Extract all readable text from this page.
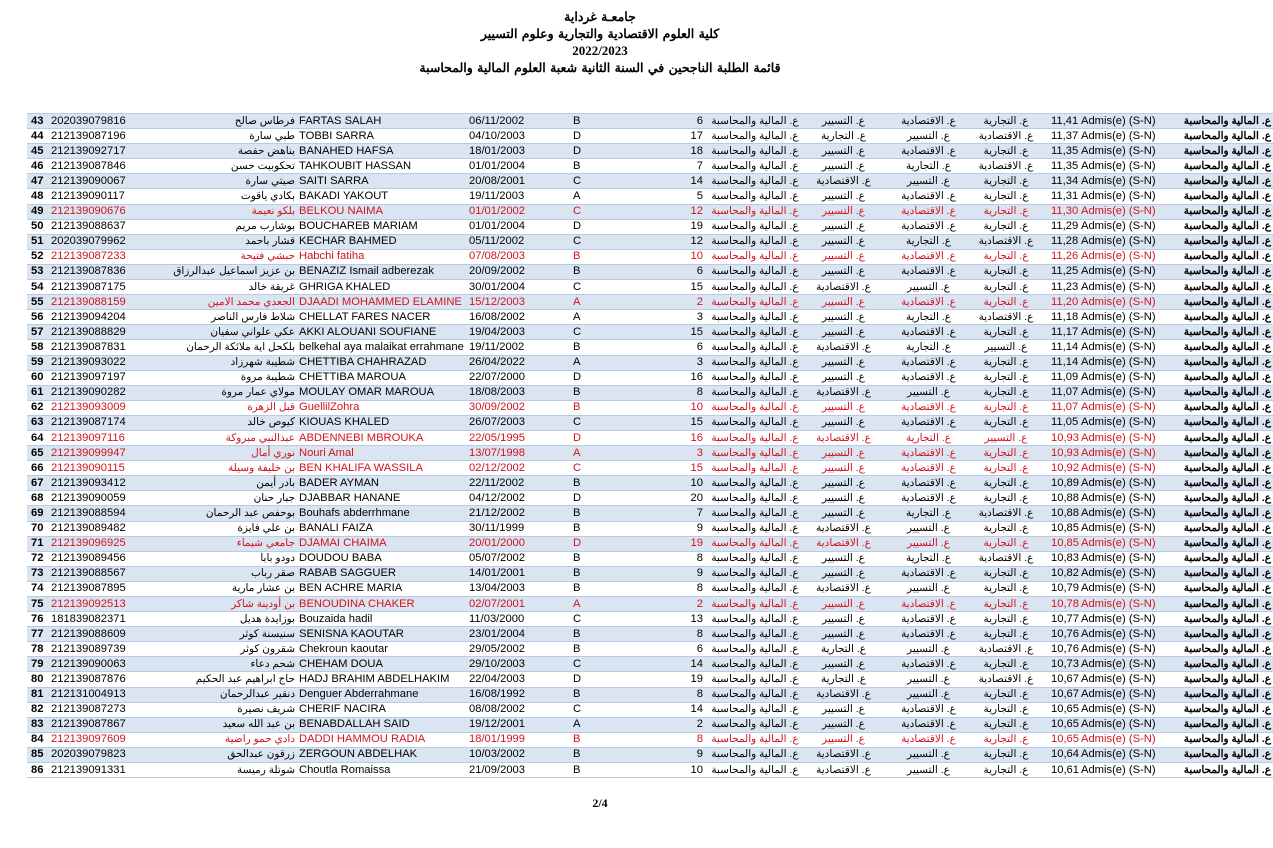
جامعـة غرداية
كلية العلوم الاقتصادية والتجارية وعلوم التسيير
2022/2023
قائمة الطلبة الناجحين في السنة الثانية شعبة العلوم المالية والمحاسبة
43	202039079816	فرطاس صالح	FARTAS SALAH	06/11/2002	B	6	ع. المالية والمحاسبة	ع. التسيير	ع. الاقتصادية	ع. التجارية		11,41	Admis(e) (S-N)	ع. المالية والمحاسبة
44	212139087196	طبي سارة	TOBBI SARRA	04/10/2003	D	17	ع. المالية والمحاسبة	ع. التجارية	ع. التسيير	ع. الاقتصادية		11,37	Admis(e) (S-N)	ع. المالية والمحاسبة
45	212139092717	بناهض حفصة	BANAHED HAFSA	18/01/2003	D	18	ع. المالية والمحاسبة	ع. التسيير	ع. الاقتصادية	ع. التجارية		11,35	Admis(e) (S-N)	ع. المالية والمحاسبة
46	212139087846	تحكوبيت حسن	TAHKOUBIT HASSAN	01/01/2004	B	7	ع. المالية والمحاسبة	ع. التسيير	ع. التجارية	ع. الاقتصادية		11,35	Admis(e) (S-N)	ع. المالية والمحاسبة
47	212139090067	صيتي سارة	SAITI SARRA	20/08/2001	C	14	ع. المالية والمحاسبة	ع. الاقتصادية	ع. التسيير	ع. التجارية		11,34	Admis(e) (S-N)	ع. المالية والمحاسبة
48	212139090117	بكادي ياقوت	BAKADI YAKOUT	19/11/2003	A	5	ع. المالية والمحاسبة	ع. التسيير	ع. الاقتصادية	ع. التجارية		11,31	Admis(e) (S-N)	ع. المالية والمحاسبة
49	212139090676	بلكو نعيمة	BELKOU NAIMA	01/01/2002	C	12	ع. المالية والمحاسبة	ع. التسيير	ع. الاقتصادية	ع. التجارية		11,30	Admis(e) (S-N)	ع. المالية والمحاسبة
50	212139088637	بوشارب مريم	BOUCHAREB MARIAM	01/01/2004	D	19	ع. المالية والمحاسبة	ع. التسيير	ع. الاقتصادية	ع. التجارية		11,29	Admis(e) (S-N)	ع. المالية والمحاسبة
51	202039079962	قشار باحمد	KECHAR BAHMED	05/11/2002	C	12	ع. المالية والمحاسبة	ع. التسيير	ع. التجارية	ع. الاقتصادية		11,28	Admis(e) (S-N)	ع. المالية والمحاسبة
52	212139087233	حبشي فتيحة	Habchi fatiha	07/08/2003	B	10	ع. المالية والمحاسبة	ع. التسيير	ع. الاقتصادية	ع. التجارية		11,26	Admis(e) (S-N)	ع. المالية والمحاسبة
53	212139087836	بن عزيز اسماعيل عبدالرزاق	BENAZIZ Ismail adberezak	20/09/2002	B	6	ع. المالية والمحاسبة	ع. التسيير	ع. الاقتصادية	ع. التجارية		11,25	Admis(e) (S-N)	ع. المالية والمحاسبة
54	212139087175	غريقة خالد	GHRIGA KHALED	30/01/2004	C	15	ع. المالية والمحاسبة	ع. الاقتصادية	ع. التسيير	ع. التجارية		11,23	Admis(e) (S-N)	ع. المالية والمحاسبة
55	212139088159	الجعدي محمد الامين	DJAADI MOHAMMED ELAMINE	15/12/2003	A	2	ع. المالية والمحاسبة	ع. التسيير	ع. الاقتصادية	ع. التجارية		11,20	Admis(e) (S-N)	ع. المالية والمحاسبة
56	212139094204	شلاط فارس الناصر	CHELLAT FARES NACER	16/08/2002	A	3	ع. المالية والمحاسبة	ع. التسيير	ع. التجارية	ع. الاقتصادية		11,18	Admis(e) (S-N)	ع. المالية والمحاسبة
57	212139088829	عكي علواني سفيان	AKKI ALOUANI SOUFIANE	19/04/2003	C	15	ع. المالية والمحاسبة	ع. التسيير	ع. الاقتصادية	ع. التجارية		11,17	Admis(e) (S-N)	ع. المالية والمحاسبة
58	212139087831	بلكحل اية ملائكة الرحمان	belkehal aya malaikat errahmane	19/11/2002	B	6	ع. المالية والمحاسبة	ع. الاقتصادية	ع. التجارية	ع. التسيير		11,14	Admis(e) (S-N)	ع. المالية والمحاسبة
59	212139093022	شطيبة شهرزاد	CHETTIBA CHAHRAZAD	26/04/2022	A	3	ع. المالية والمحاسبة	ع. التسيير	ع. الاقتصادية	ع. التجارية		11,14	Admis(e) (S-N)	ع. المالية والمحاسبة
60	212139097197	شطيبة مروة	CHETTIBA MAROUA	22/07/2000	D	16	ع. المالية والمحاسبة	ع. التسيير	ع. الاقتصادية	ع. التجارية		11,09	Admis(e) (S-N)	ع. المالية والمحاسبة
61	212139090282	مولاي عمار مروة	MOULAY OMAR MAROUA	18/08/2003	B	8	ع. المالية والمحاسبة	ع. الاقتصادية	ع. التسيير	ع. التجارية		11,07	Admis(e) (S-N)	ع. المالية والمحاسبة
62	212139093009	قبل الزهرة	GuellilZohra	30/09/2002	B	10	ع. المالية والمحاسبة	ع. التسيير	ع. الاقتصادية	ع. التجارية		11,07	Admis(e) (S-N)	ع. المالية والمحاسبة
63	212139087174	كيوص خالد	KIOUAS KHALED	26/07/2003	C	15	ع. المالية والمحاسبة	ع. التسيير	ع. الاقتصادية	ع. التجارية		11,05	Admis(e) (S-N)	ع. المالية والمحاسبة
64	212139097116	عبدالنبي مبروكة	ABDENNEBI MBROUKA	22/05/1995	D	16	ع. المالية والمحاسبة	ع. الاقتصادية	ع. التجارية	ع. التسيير		10,93	Admis(e) (S-N)	ع. المالية والمحاسبة
65	212139099947	نوري أمال	Nouri Amal	13/07/1998	A	3	ع. المالية والمحاسبة	ع. التسيير	ع. الاقتصادية	ع. التجارية		10,93	Admis(e) (S-N)	ع. المالية والمحاسبة
66	212139090115	بن خليفة وسيلة	BEN KHALIFA WASSILA	02/12/2002	C	15	ع. المالية والمحاسبة	ع. التسيير	ع. الاقتصادية	ع. التجارية		10,92	Admis(e) (S-N)	ع. المالية والمحاسبة
67	212139093412	بادر أيمن	BADER AYMAN	22/11/2002	B	10	ع. المالية والمحاسبة	ع. التسيير	ع. الاقتصادية	ع. التجارية		10,89	Admis(e) (S-N)	ع. المالية والمحاسبة
68	212139090059	جبار حنان	DJABBAR HANANE	04/12/2002	D	20	ع. المالية والمحاسبة	ع. التسيير	ع. الاقتصادية	ع. التجارية		10,88	Admis(e) (S-N)	ع. المالية والمحاسبة
69	212139088594	بوحفص عبد الرحمان	Bouhafs abderrhmane	21/12/2002	B	7	ع. المالية والمحاسبة	ع. التسيير	ع. التجارية	ع. الاقتصادية		10,88	Admis(e) (S-N)	ع. المالية والمحاسبة
70	212139089482	بن علي فايزة	BANALI FAIZA	30/11/1999	B	9	ع. المالية والمحاسبة	ع. الاقتصادية	ع. التسيير	ع. التجارية		10,85	Admis(e) (S-N)	ع. المالية والمحاسبة
71	212139096925	جامعي شيماء	DJAMAI CHAIMA	20/01/2000	D	19	ع. المالية والمحاسبة	ع. الاقتصادية	ع. التسيير	ع. التجارية		10,85	Admis(e) (S-N)	ع. المالية والمحاسبة
72	212139089456	دودو بابا	DOUDOU BABA	05/07/2002	B	8	ع. المالية والمحاسبة	ع. التسيير	ع. التجارية	ع. الاقتصادية		10,83	Admis(e) (S-N)	ع. المالية والمحاسبة
73	212139088567	صقر رباب	RABAB SAGGUER	14/01/2001	B	9	ع. المالية والمحاسبة	ع. التسيير	ع. الاقتصادية	ع. التجارية		10,82	Admis(e) (S-N)	ع. المالية والمحاسبة
74	212139087895	بن عشار مارية	BEN ACHRE MARIA	13/04/2003	B	8	ع. المالية والمحاسبة	ع. الاقتصادية	ع. التسيير	ع. التجارية		10,79	Admis(e) (S-N)	ع. المالية والمحاسبة
75	212139092513	بن أودينة شاكر	BENOUDINA CHAKER	02/07/2001	A	2	ع. المالية والمحاسبة	ع. التسيير	ع. الاقتصادية	ع. التجارية		10,78	Admis(e) (S-N)	ع. المالية والمحاسبة
76	181839082371	بوزايدة هديل	Bouzaida hadil	11/03/2000	C	13	ع. المالية والمحاسبة	ع. التسيير	ع. الاقتصادية	ع. التجارية		10,77	Admis(e) (S-N)	ع. المالية والمحاسبة
77	212139088609	سنيسنة كوثر	SENISNA KAOUTAR	23/01/2004	B	8	ع. المالية والمحاسبة	ع. التسيير	ع. الاقتصادية	ع. التجارية		10,76	Admis(e) (S-N)	ع. المالية والمحاسبة
78	212139089739	شقرون كوثر	Chekroun kaoutar	29/05/2002	B	6	ع. المالية والمحاسبة	ع. التجارية	ع. التسيير	ع. الاقتصادية		10,76	Admis(e) (S-N)	ع. المالية والمحاسبة
79	212139090063	شحم دعاء	CHEHAM DOUA	29/10/2003	C	14	ع. المالية والمحاسبة	ع. التسيير	ع. الاقتصادية	ع. التجارية		10,73	Admis(e) (S-N)	ع. المالية والمحاسبة
80	212139087876	حاج ابراهيم عبد الحكيم	HADJ BRAHIM ABDELHAKIM	22/04/2003	D	19	ع. المالية والمحاسبة	ع. التجارية	ع. التسيير	ع. الاقتصادية		10,67	Admis(e) (S-N)	ع. المالية والمحاسبة
81	212131004913	دنقير عبدالرحمان	Denguer Abderrahmane	16/08/1992	B	8	ع. المالية والمحاسبة	ع. الاقتصادية	ع. التسيير	ع. التجارية		10,67	Admis(e) (S-N)	ع. المالية والمحاسبة
82	212139087273	شريف نصيرة	CHERIF NACIRA	08/08/2002	C	14	ع. المالية والمحاسبة	ع. التسيير	ع. الاقتصادية	ع. التجارية		10,65	Admis(e) (S-N)	ع. المالية والمحاسبة
83	212139087867	بن عبد الله سعيد	BENABDALLAH SAID	19/12/2001	A	2	ع. المالية والمحاسبة	ع. التسيير	ع. الاقتصادية	ع. التجارية		10,65	Admis(e) (S-N)	ع. المالية والمحاسبة
84	212139097609	دادي حمو راضية	DADDI HAMMOU RADIA	18/01/1999	B	8	ع. المالية والمحاسبة	ع. التسيير	ع. الاقتصادية	ع. التجارية		10,65	Admis(e) (S-N)	ع. المالية والمحاسبة
85	202039079823	زرقون عبدالحق	ZERGOUN ABDELHAK	10/03/2002	B	9	ع. المالية والمحاسبة	ع. الاقتصادية	ع. التسيير	ع. التجارية		10,64	Admis(e) (S-N)	ع. المالية والمحاسبة
86	212139091331	شوتلة رميسة	Choutla Romaissa	21/09/2003	B	10	ع. المالية والمحاسبة	ع. الاقتصادية	ع. التسيير	ع. التجارية		10,61	Admis(e) (S-N)	ع. المالية والمحاسبة
2/4
